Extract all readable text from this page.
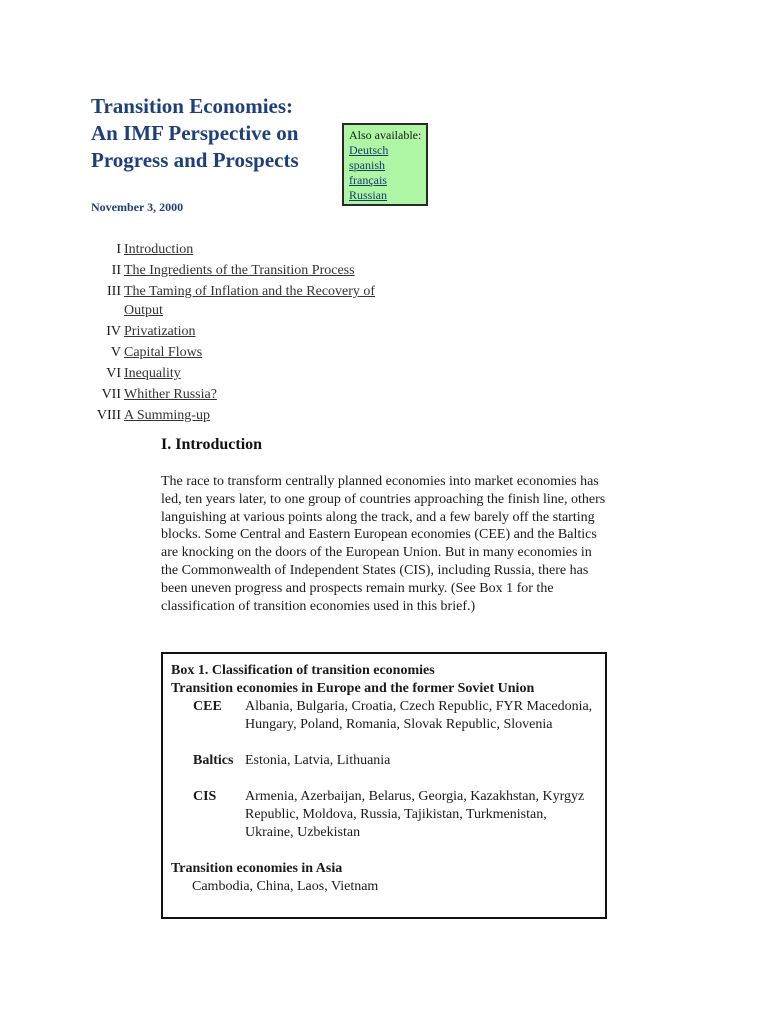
Transition Economies:
An IMF Perspective on
Progress and Prospects
November 3, 2000
Also available:
Deutsch
spanish
français
Russian
I Introduction
II The Ingredients of the Transition Process
III The Taming of Inflation and the Recovery of Output
IV Privatization
V Capital Flows
VI Inequality
VII Whither Russia?
VIII A Summing-up
I. Introduction

The race to transform centrally planned economies into market economies has led, ten years later, to one group of countries approaching the finish line, others languishing at various points along the track, and a few barely off the starting blocks. Some Central and Eastern European economies (CEE) and the Baltics are knocking on the doors of the European Union. But in many economies in the Commonwealth of Independent States (CIS), including Russia, there has been uneven progress and prospects remain murky. (See Box 1 for the classification of transition economies used in this brief.)

Box 1. Classification of transition economies
Transition economies in Europe and the former Soviet Union
CEE	Albania, Bulgaria, Croatia, Czech Republic, FYR Macedonia, Hungary, Poland, Romania, Slovak Republic, Slovenia
Baltics Estonia, Latvia, Lithuania
CIS	Armenia, Azerbaijan, Belarus, Georgia, Kazakhstan, Kyrgyz Republic, Moldova, Russia, Tajikistan, Turkmenistan, Ukraine, Uzbekistan
Transition economies in Asia
Cambodia, China, Laos, Vietnam
